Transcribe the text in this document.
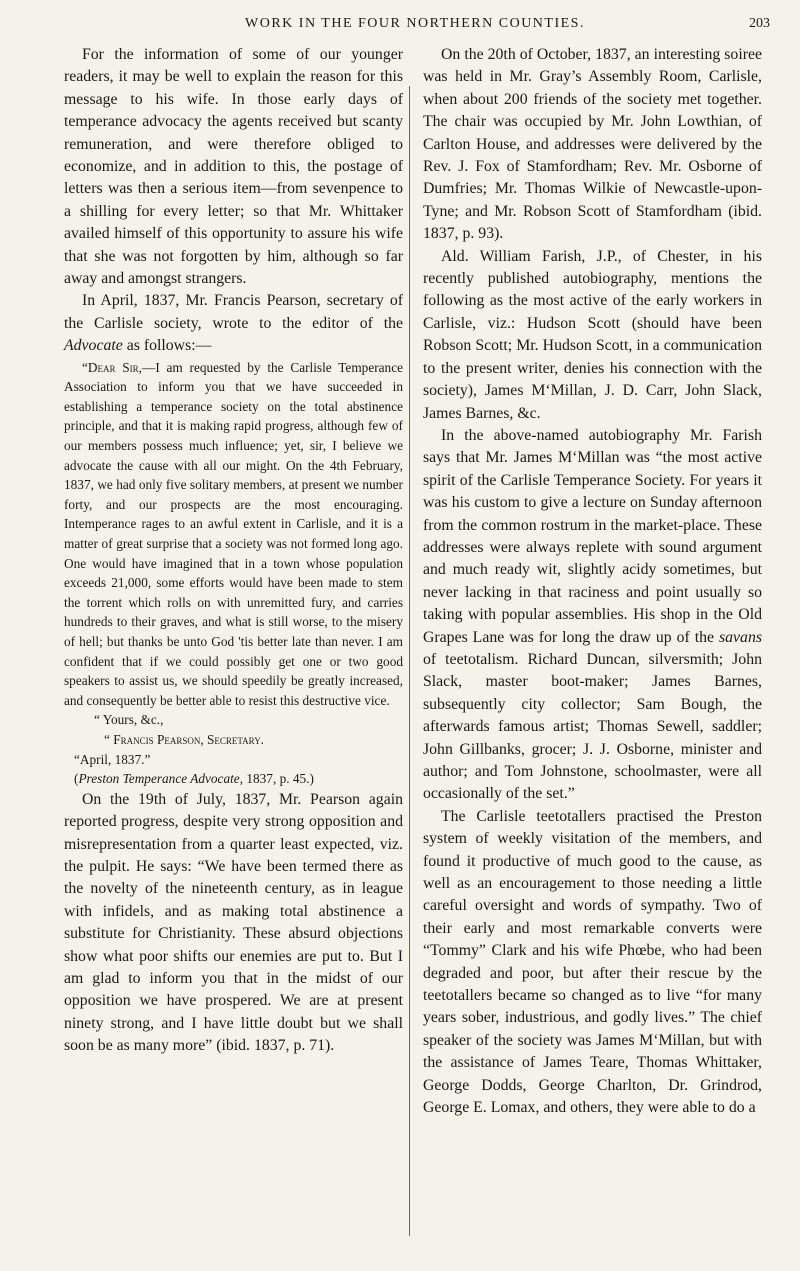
WORK IN THE FOUR NORTHERN COUNTIES.	203

For the information of some of our younger readers, it may be well to explain the reason for this message to his wife. In those early days of temperance advocacy the agents received but scanty remuneration, and were therefore obliged to economize, and in addition to this, the postage of letters was then a serious item—from sevenpence to a shilling for every letter; so that Mr. Whittaker availed himself of this opportunity to assure his wife that she was not forgotten by him, although so far away and amongst strangers.

In April, 1837, Mr. Francis Pearson, secretary of the Carlisle society, wrote to the editor of the Advocate as follows:—

“Dear Sir,—I am requested by the Carlisle Temperance Association to inform you that we have succeeded in establishing a temperance society on the total abstinence principle, and that it is making rapid progress, although few of our members possess much influence; yet, sir, I believe we advocate the cause with all our might. On the 4th February, 1837, we had only five solitary members, at present we number forty, and our prospects are the most encouraging. Intemperance rages to an awful extent in Carlisle, and it is a matter of great surprise that a society was not formed long ago. One would have imagined that in a town whose population exceeds 21,000, some efforts would have been made to stem the torrent which rolls on with unremitted fury, and carries hundreds to their graves, and what is still worse, to the misery of hell; but thanks be unto God 'tis better late than never. I am confident that if we could possibly get one or two good speakers to assist us, we should speedily be greatly increased, and consequently be better able to resist this destructive vice.

“ Yours, &c.,

“ Francis Pearson, Secretary.

“April, 1837.”

(Preston Temperance Advocate, 1837, p. 45.)

On the 19th of July, 1837, Mr. Pearson again reported progress, despite very strong opposition and misrepresentation from a quarter least expected, viz. the pulpit. He says: “We have been termed there as the novelty of the nineteenth century, as in league with infidels, and as making total abstinence a substitute for Christianity. These absurd objections show what poor shifts our enemies are put to. But I am glad to inform you that in the midst of our opposition we have prospered. We are at present ninety strong, and I have little doubt but we shall soon be as many more” (ibid. 1837, p. 71).

On the 20th of October, 1837, an interesting soiree was held in Mr. Gray’s Assembly Room, Carlisle, when about 200 friends of the society met together. The chair was occupied by Mr. John Lowthian, of Carlton House, and addresses were delivered by the Rev. J. Fox of Stamfordham; Rev. Mr. Osborne of Dumfries; Mr. Thomas Wilkie of Newcastle-upon-Tyne; and Mr. Robson Scott of Stamfordham (ibid. 1837, p. 93).

Ald. William Farish, J.P., of Chester, in his recently published autobiography, mentions the following as the most active of the early workers in Carlisle, viz.: Hudson Scott (should have been Robson Scott; Mr. Hudson Scott, in a communication to the present writer, denies his connection with the society), James M‘Millan, J. D. Carr, John Slack, James Barnes, &c.

In the above-named autobiography Mr. Farish says that Mr. James M‘Millan was “the most active spirit of the Carlisle Temperance Society. For years it was his custom to give a lecture on Sunday afternoon from the common rostrum in the market-place. These addresses were always replete with sound argument and much ready wit, slightly acidy sometimes, but never lacking in that raciness and point usually so taking with popular assemblies. His shop in the Old Grapes Lane was for long the draw up of the savans of teetotalism. Richard Duncan, silversmith; John Slack, master boot-maker; James Barnes, subsequently city collector; Sam Bough, the afterwards famous artist; Thomas Sewell, saddler; John Gillbanks, grocer; J. J. Osborne, minister and author; and Tom Johnstone, schoolmaster, were all occasionally of the set.”

The Carlisle teetotallers practised the Preston system of weekly visitation of the members, and found it productive of much good to the cause, as well as an encouragement to those needing a little careful oversight and words of sympathy. Two of their early and most remarkable converts were “Tommy” Clark and his wife Phœbe, who had been degraded and poor, but after their rescue by the teetotallers became so changed as to live “for many years sober, industrious, and godly lives.” The chief speaker of the society was James M‘Millan, but with the assistance of James Teare, Thomas Whittaker, George Dodds, George Charlton, Dr. Grindrod, George E. Lomax, and others, they were able to do a
